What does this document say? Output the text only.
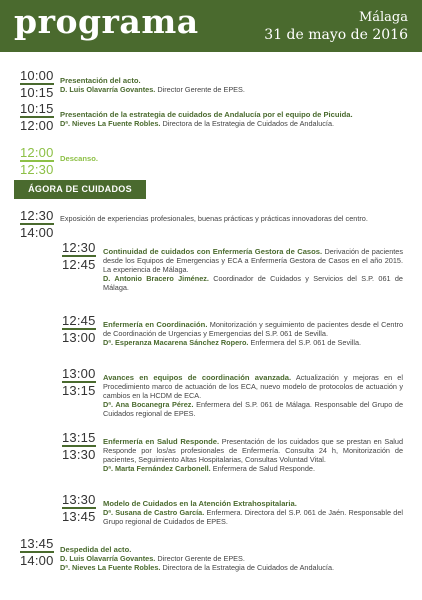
programa	Málaga
31 de mayo de 2016
10:00
10:15
Presentación del acto.
D. Luis Olavarría Govantes. Director Gerente de EPES.
10:15
12:00
Presentación de la estrategia de cuidados de Andalucía por el equipo de Picuida.
Dª. Nieves La Fuente Robles. Directora de la Estrategia de Cuidados de Andalucía.
12:00
12:30
Descanso.
ÁGORA DE CUIDADOS
12:30
14:00
Exposición de experiencias profesionales, buenas prácticas y prácticas innovadoras del centro.
12:30
12:45
Continuidad de cuidados con Enfermería Gestora de Casos. Derivación de pacientes desde los Equipos de Emergencias y ECA a Enfermería Gestora de Casos en el año 2015. La experiencia de Málaga.
D. Antonio Bracero Jiménez. Coordinador de Cuidados y Servicios del S.P. 061 de Málaga.
12:45
13:00
Enfermería en Coordinación. Monitorización y seguimiento de pacientes desde el Centro de Coordinación de Urgencias y Emergencias del S.P. 061 de Sevilla.
Dª. Esperanza Macarena Sánchez Ropero. Enfermera del S.P. 061 de Sevilla.
13:00
13:15
Avances en equipos de coordinación avanzada. Actualización y mejoras en el Procedimiento marco de actuación de los ECA, nuevo modelo de protocolos de actuación y cambios en la HCDM de ECA.
Dª. Ana Bocanegra Pérez. Enfermera del S.P. 061 de Málaga. Responsable del Grupo de Cuidados regional de EPES.
13:15
13:30
Enfermería en Salud Responde. Presentación de los cuidados que se prestan en Salud Responde por los/as profesionales de Enfermería. Consulta 24 h, Monitorización de pacientes, Seguimiento Altas Hospitalarias, Consultas Voluntad Vital.
Dª. Marta Fernández Carbonell. Enfermera de Salud Responde.
13:30
13:45
Modelo de Cuidados en la Atención Extrahospitalaria.
Dª. Susana de Castro García. Enfermera. Directora del S.P. 061 de Jaén. Responsable del Grupo regional de Cuidados de EPES.
13:45
14:00
Despedida del acto.
D. Luis Olavarría Govantes. Director Gerente de EPES.
Dª. Nieves La Fuente Robles. Directora de la Estrategia de Cuidados de Andalucía.
